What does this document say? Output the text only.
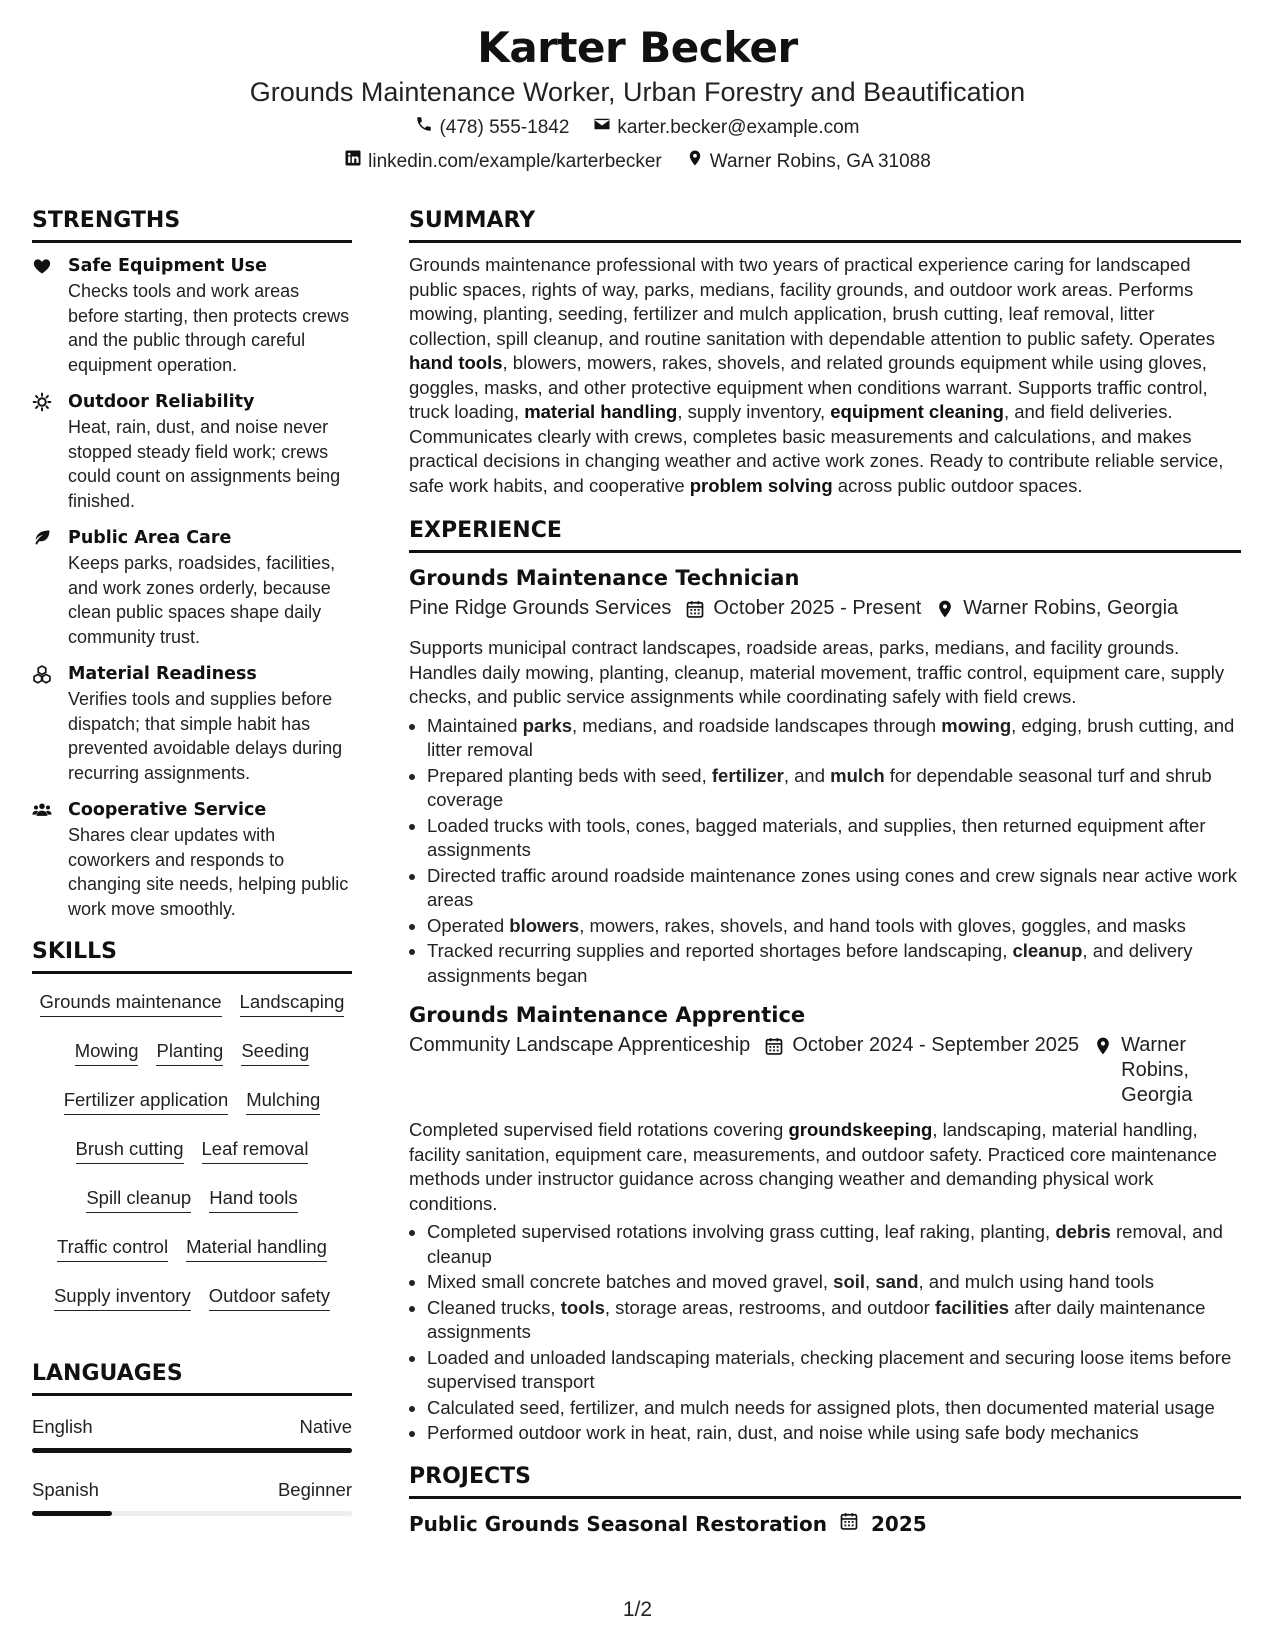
Karter Becker
Grounds Maintenance Worker, Urban Forestry and Beautification
(478) 555-1842	karter.becker@example.com
linkedin.com/example/karterbecker	Warner Robins, GA 31088
STRENGTHS
Safe Equipment Use
Checks tools and work areas before starting, then protects crews and the public through careful equipment operation.
Outdoor Reliability
Heat, rain, dust, and noise never stopped steady field work; crews could count on assignments being finished.
Public Area Care
Keeps parks, roadsides, facilities, and work zones orderly, because clean public spaces shape daily community trust.
Material Readiness
Verifies tools and supplies before dispatch; that simple habit has prevented avoidable delays during recurring assignments.
Cooperative Service
Shares clear updates with coworkers and responds to changing site needs, helping public work move smoothly.
SKILLS
Grounds maintenance Landscaping
Mowing Planting Seeding
Fertilizer application Mulching
Brush cutting Leaf removal
Spill cleanup Hand tools
Traffic control Material handling
Supply inventory Outdoor safety
LANGUAGES
English	Native
Spanish	Beginner
SUMMARY
Grounds maintenance professional with two years of practical experience caring for landscaped public spaces, rights of way, parks, medians, facility grounds, and outdoor work areas. Performs mowing, planting, seeding, fertilizer and mulch application, brush cutting, leaf removal, litter collection, spill cleanup, and routine sanitation with dependable attention to public safety. Operates hand tools, blowers, mowers, rakes, shovels, and related grounds equipment while using gloves, goggles, masks, and other protective equipment when conditions warrant. Supports traffic control, truck loading, material handling, supply inventory, equipment cleaning, and field deliveries. Communicates clearly with crews, completes basic measurements and calculations, and makes practical decisions in changing weather and active work zones. Ready to contribute reliable service, safe work habits, and cooperative problem solving across public outdoor spaces.
EXPERIENCE
Grounds Maintenance Technician
Pine Ridge Grounds Services October 2025 - Present Warner Robins, Georgia
Supports municipal contract landscapes, roadside areas, parks, medians, and facility grounds. Handles daily mowing, planting, cleanup, material movement, traffic control, equipment care, supply checks, and public service assignments while coordinating safely with field crews.
• Maintained parks, medians, and roadside landscapes through mowing, edging, brush cutting, and litter removal
• Prepared planting beds with seed, fertilizer, and mulch for dependable seasonal turf and shrub coverage
• Loaded trucks with tools, cones, bagged materials, and supplies, then returned equipment after assignments
• Directed traffic around roadside maintenance zones using cones and crew signals near active work areas
• Operated blowers, mowers, rakes, shovels, and hand tools with gloves, goggles, and masks
• Tracked recurring supplies and reported shortages before landscaping, cleanup, and delivery assignments began
Grounds Maintenance Apprentice
Community Landscape Apprenticeship October 2024 - September 2025 Warner Robins, Georgia
Completed supervised field rotations covering groundskeeping, landscaping, material handling, facility sanitation, equipment care, measurements, and outdoor safety. Practiced core maintenance methods under instructor guidance across changing weather and demanding physical work conditions.
• Completed supervised rotations involving grass cutting, leaf raking, planting, debris removal, and cleanup
• Mixed small concrete batches and moved gravel, soil, sand, and mulch using hand tools
• Cleaned trucks, tools, storage areas, restrooms, and outdoor facilities after daily maintenance assignments
• Loaded and unloaded landscaping materials, checking placement and securing loose items before supervised transport
• Calculated seed, fertilizer, and mulch needs for assigned plots, then documented material usage
• Performed outdoor work in heat, rain, dust, and noise while using safe body mechanics
PROJECTS
Public Grounds Seasonal Restoration 2025
1/2
